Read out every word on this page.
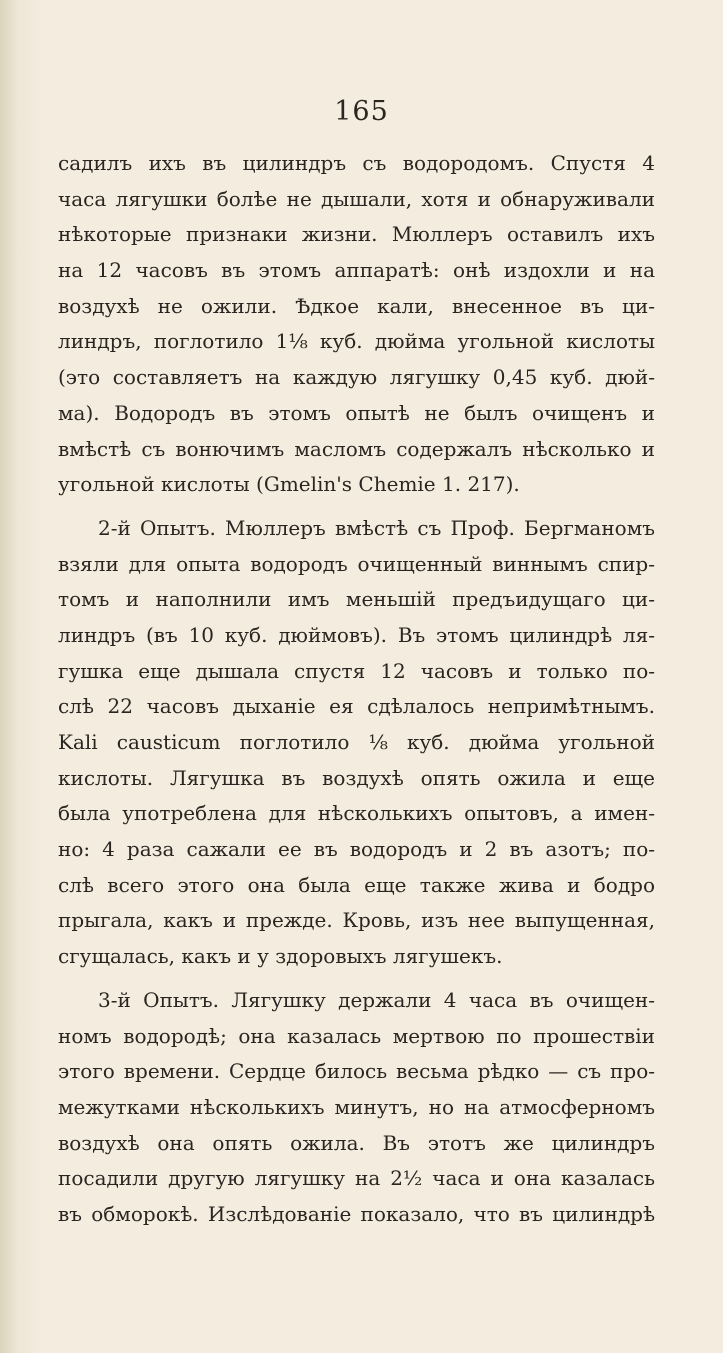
165
садилъ ихъ въ цилиндръ съ водородомъ. Спустя 4
часа лягушки болѣе не дышали, хотя и обнаруживали
нѣкоторые признаки жизни. Мюллеръ оставилъ ихъ
на 12 часовъ въ этомъ аппаратѣ: онѣ издохли и на
воздухѣ не ожили. Ѣдкое кали, внесенное въ ци-
линдръ, поглотило 1⅛ куб. дюйма угольной кислоты
(это составляетъ на каждую лягушку 0,45 куб. дюй-
ма). Водородъ въ этомъ опытѣ не былъ очищенъ и
вмѣстѣ съ вонючимъ масломъ содержалъ нѣсколько и
угольной кислоты (Gmelin's Chemie 1. 217).
2-й Опытъ. Мюллеръ вмѣстѣ съ Проф. Бергманомъ
взяли для опыта водородъ очищенный виннымъ спир-
томъ и наполнили имъ меньшій предъидущаго ци-
линдръ (въ 10 куб. дюймовъ). Въ этомъ цилиндрѣ ля-
гушка еще дышала спустя 12 часовъ и только по-
слѣ 22 часовъ дыханіе ея сдѣлалось непримѣтнымъ.
Kali causticum поглотило ⅛ куб. дюйма угольной
кислоты. Лягушка въ воздухѣ опять ожила и еще
была употреблена для нѣсколькихъ опытовъ, а имен-
но: 4 раза сажали ее въ водородъ и 2 въ азотъ; по-
слѣ всего этого она была еще также жива и бодро
прыгала, какъ и прежде. Кровь, изъ нее выпущенная,
сгущалась, какъ и у здоровыхъ лягушекъ.
3-й Опытъ. Лягушку держали 4 часа въ очищен-
номъ водородѣ; она казалась мертвою по прошествіи
этого времени. Сердце билось весьма рѣдко — съ про-
межутками нѣсколькихъ минутъ, но на атмосферномъ
воздухѣ она опять ожила. Въ этотъ же цилиндръ
посадили другую лягушку на 2½ часа и она казалась
въ обморокѣ. Изслѣдованіе показало, что въ цилиндрѣ
